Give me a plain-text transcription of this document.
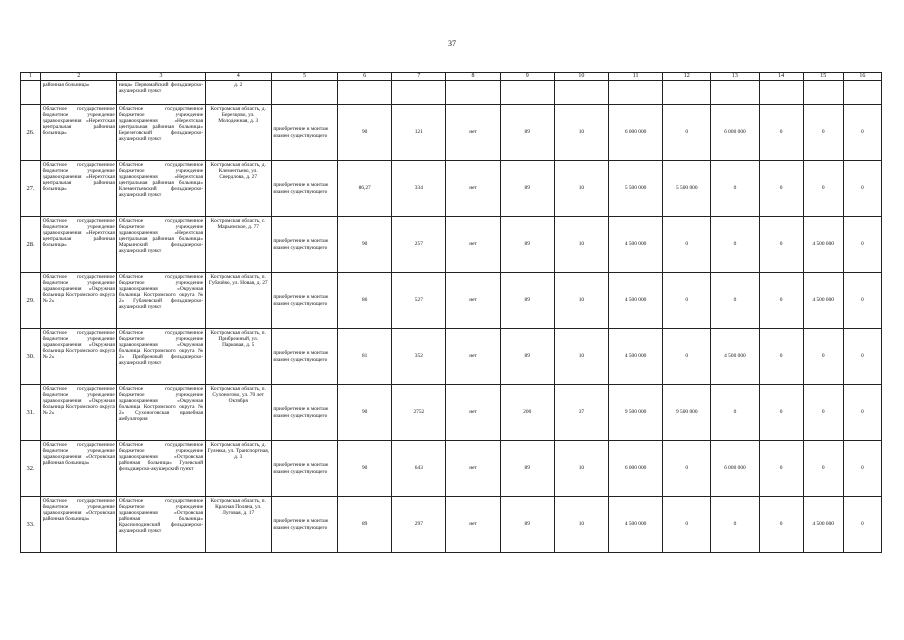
37
1	2	3	4	5	6	7	8	9	10	11	12	13	14	15	16
	районная больница»	ница» Первомайский фельдшерско-акушерский пункт	д. 2												
26.	Областное государственное бюджетное учреждение здравоохранения «Нерехтская центральная районная больница»	Областное государственное бюджетное учреждение здравоохранения «Нерехтская центральная районная больница» Березеговский фельдшерско-акушерский пункт	Костромская область, д. Березцово, ул. Молодежная, д. 3	приобретение и монтаж взамен существующего	90	121	нет	89	10	6 000 000	0	6 000 000	0	0	0
27.	Областное государственное бюджетное учреждение здравоохранения «Нерехтская центральная районная больница»	Областное государственное бюджетное учреждение здравоохранения «Нерехтская центральная районная больница» Клементьевский фельдшерско-акушерский пункт	Костромская область, д. Клементьево, ул. Свердлова, д. 27	приобретение и монтаж взамен существующего	86,27	334	нет	89	10	5 500 000	5 500 000	0	0	0	0
28.	Областное государственное бюджетное учреждение здравоохранения «Нерехтская центральная районная больница»	Областное государственное бюджетное учреждение здравоохранения «Нерехтская центральная районная больница» Марьинский фельдшерско-акушерский пункт	Костромская область, с. Марьинское, д. 77	приобретение и монтаж взамен существующего	90	257	нет	89	10	4 500 000	0	0	0	4 500 000	0
29.	Областное государственное бюджетное учреждение здравоохранения «Окружная больница Костромского округа № 2»	Областное государственное бюджетное учреждение здравоохранения «Окружная больница Костромского округа № 2» Губачевский фельдшерско-акушерский пункт	Костромская область, п. Губачёво, ул. Новая, д. 27	приобретение и монтаж взамен существующего	86	527	нет	89	10	4 500 000	0	0	0	4 500 000	0
30.	Областное государственное бюджетное учреждение здравоохранения «Окружная больница Костромского округа № 2»	Областное государственное бюджетное учреждение здравоохранения «Окружная больница Костромского округа № 2» Прибрежный фельдшерско-акушерский пункт	Костромская область, п. Прибрежный, ул. Парковая, д. 5	приобретение и монтаж взамен существующего	81	352	нет	89	10	4 500 000	0	4 500 000	0	0	0
31.	Областное государственное бюджетное учреждение здравоохранения «Окружная больница Костромского округа № 2»	Областное государственное бюджетное учреждение здравоохранения «Окружная больница Костромского округа № 2» Сухоноговская врачебная амбулатория	Костромская область, п. Сухоногово, ул. 70 лет Октября	приобретение и монтаж взамен существующего	90	2752	нет	200	37	9 500 000	9 500 000	0	0	0	0
32.	Областное государственное бюджетное учреждение здравоохранения «Островская районная больница»	Областное государственное бюджетное учреждение здравоохранения «Островская районная больница» Гулевский фельдшерско-акушерский пункт	Костромская область, д. Гулевка, ул. Транспортная, д. 3	приобретение и монтаж взамен существующего	90	643	нет	89	10	6 000 000	0	6 000 000	0	0	0
33.	Областное государственное бюджетное учреждение здравоохранения «Островская районная больница»	Областное государственное бюджетное учреждение здравоохранения «Островская районная больница» Красноподинский фельдшерско-акушерский пункт	Костромская область, п. Красная Поляна, ул. Луговая, д. 17	приобретение и монтаж взамен существующего	89	297	нет	89	10	4 500 000	0	0	0	4 500 000	0
